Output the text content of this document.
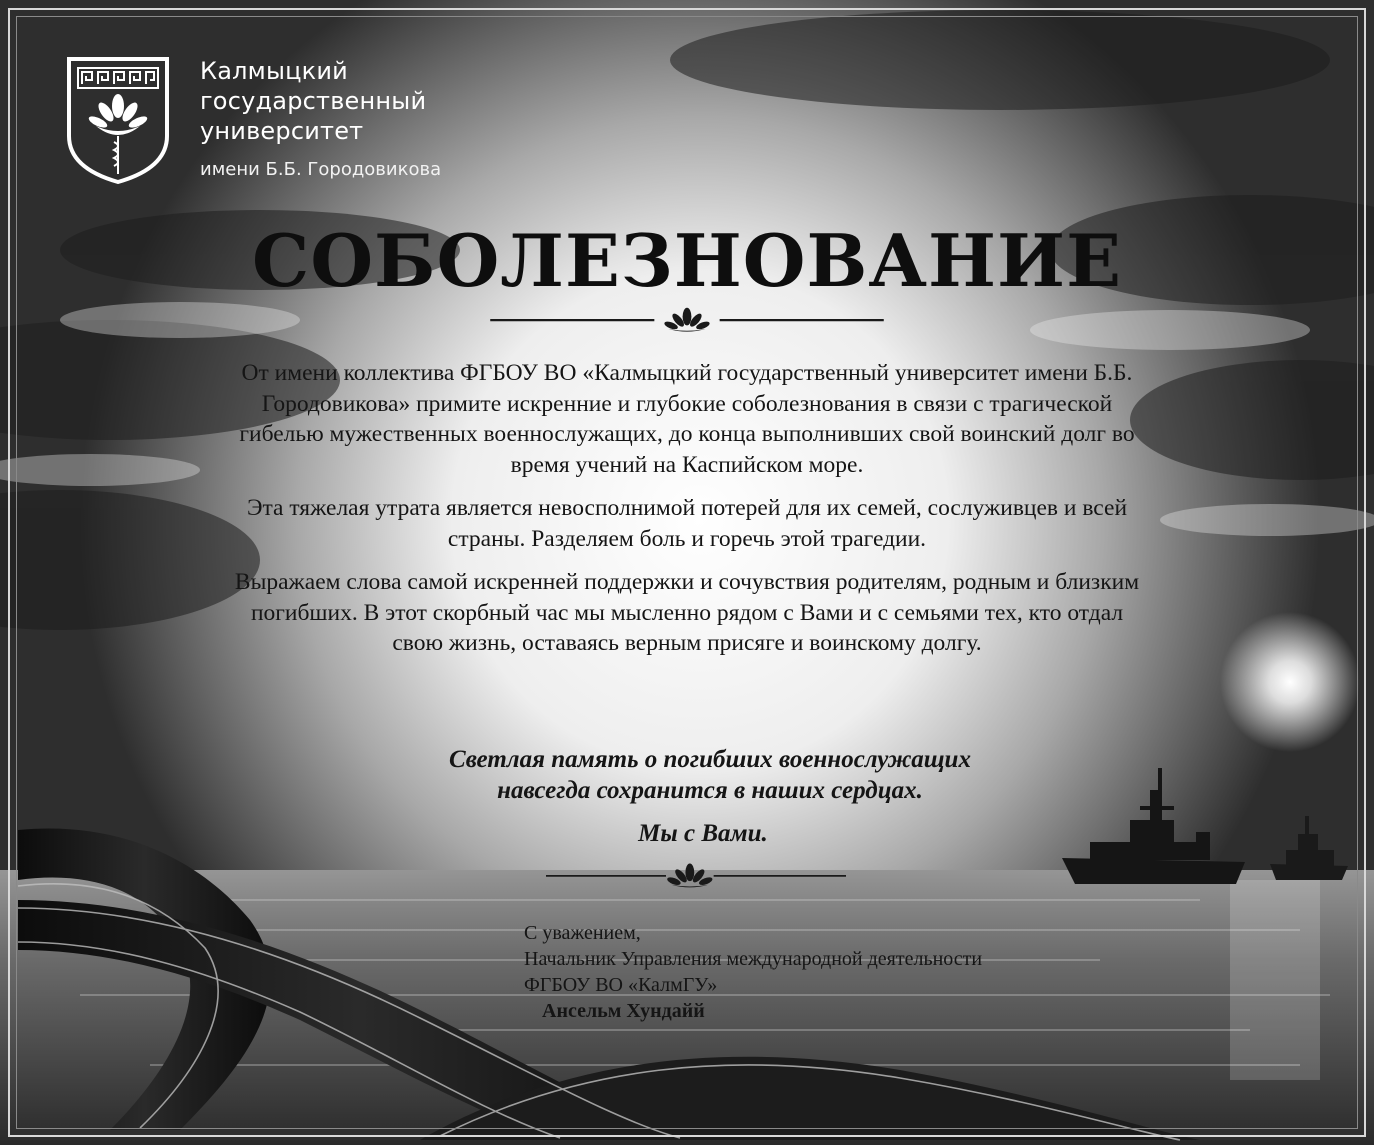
Калмыцкий
государственный
университет
имени Б.Б. Городовикова
СОБОЛЕЗНОВАНИЕ

От имени коллектива ФГБОУ ВО «Калмыцкий государственный университет имени Б.Б. Городовикова» примите искренние и глубокие соболезнования в связи с трагической гибелью мужественных военнослужащих, до конца выполнивших свой воинский долг во время учений на Каспийском море.

Эта тяжелая утрата является невосполнимой потерей для их семей, сослуживцев и всей страны. Разделяем боль и горечь этой трагедии.

Выражаем слова самой искренней поддержки и сочувствия родителям, родным и близким погибших. В этот скорбный час мы мысленно рядом с Вами и с семьями тех, кто отдал свою жизнь, оставаясь верным присяге и воинскому долгу.

Светлая память о погибших военнослужащих
навсегда сохранится в наших сердцах.
Мы с Вами.
С уважением,
Начальник Управления международной деятельности
ФГБОУ ВО «КалмГУ»
Ансельм Хундайй
